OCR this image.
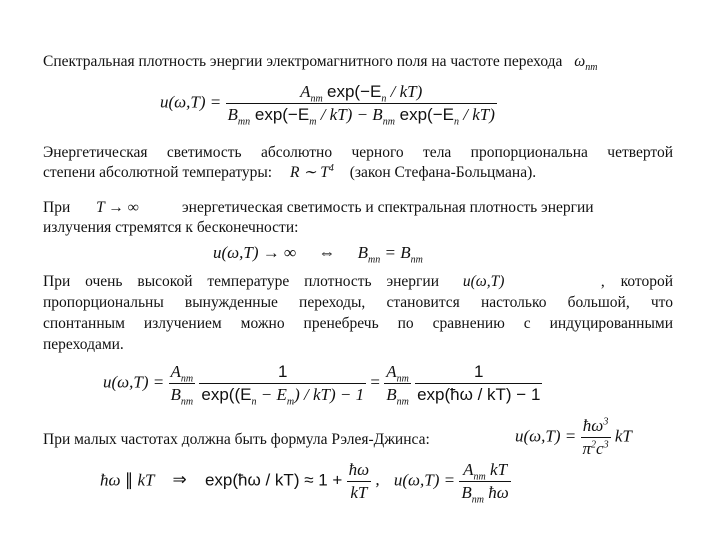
Спектральная плотность энергии электромагнитного поля на частоте перехода $\omega_{nm}$
$u(\omega,T) = \frac{A_{nm} \exp(-E_n / kT)}{B_{mn} \exp(-E_m / kT) - B_{nm} \exp(-E_n / kT)}$
Энергетическая светимость абсолютно черного тела пропорциональна четвертой
степени абсолютной температуры: R ∼ $T^4$ (закон Стефана-Больцмана).
При T → ∞	энергетическая светимость и спектральная плотность энергии
излучения стремятся к бесконечности:
u(ω,T) → ∞ ⇔ $B_{mn} = B_{nm}$
При очень высокой температуре плотность энергии u(ω,T)	, которой
пропорциональны вынужденные переходы, становится настолько большой, что
спонтанным излучением можно пренебречь по сравнению с индуцированными
переходами.
$u(\omega,T) = \frac{A_{nm}}{B_{nm}}$
$\frac{1}{\exp((E_n - E_m) / kT) - 1} = \frac{A_{nm}}{B_{nm}}$
$\frac{1}{\exp(ħ\omega / kT) - 1}$
При малых частотах должна быть формула Рэлея-Джинса:	$u(\omega,T) = \frac{ħ\omega^3}{\pi^2c^3}$ kT
ħω ∥ kT ⇒ exp(ħω / $kT) \approx 1 + \frac{ħ\omega}{kT}$ , $u(\omega,T) = \frac{A_{nm} kT}{B_{nm} ħ\omega}$
